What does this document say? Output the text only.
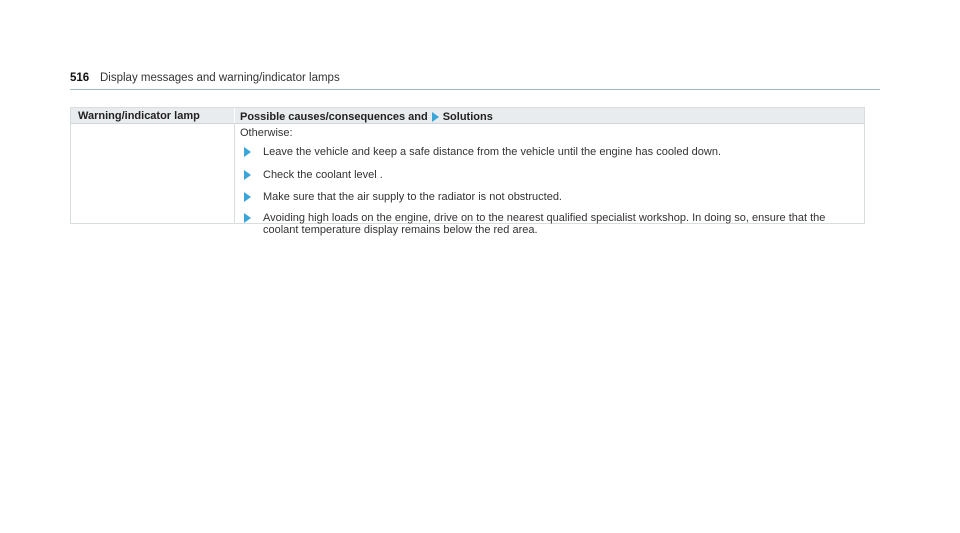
516 Display messages and warning/indicator lamps
Warning/indicator lamp	Possible causes/consequences and Solutions
Otherwise:
Leave the vehicle and keep a safe distance from the vehicle until the engine has cooled down.
Check the coolant level .
Make sure that the air supply to the radiator is not obstructed.
Avoiding high loads on the engine, drive on to the nearest qualified specialist workshop. In doing so, ensure that the coolant temperature display remains below the red area.
